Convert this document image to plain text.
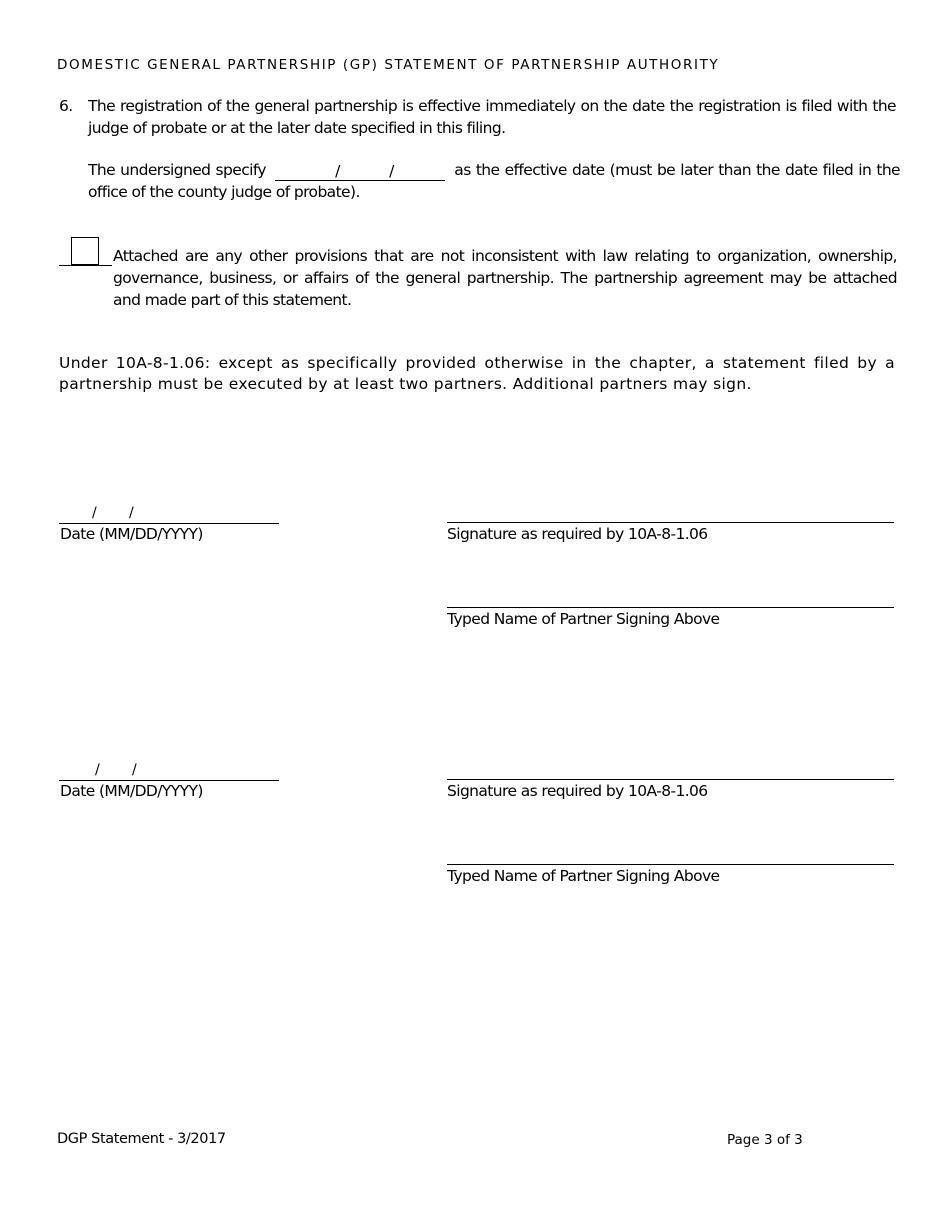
DOMESTIC GENERAL PARTNERSHIP (GP) STATEMENT OF PARTNERSHIP AUTHORITY
6. The registration of the general partnership is effective immediately on the date the registration is filed with the judge of probate or at the later date specified in this filing.
The undersigned specify	/	/	as the effective date (must be later than the date filed in the office of the county judge of probate).
Attached are any other provisions that are not inconsistent with law relating to organization, ownership, governance, business, or affairs of the general partnership. The partnership agreement may be attached and made part of this statement.
Under 10A-8-1.06: except as specifically provided otherwise in the chapter, a statement filed by a partnership must be executed by at least two partners. Additional partners may sign.
/ /
Date (MM/DD/YYYY)	Signature as required by 10A-8-1.06
Typed Name of Partner Signing Above
/ /
Date (MM/DD/YYYY)	Signature as required by 10A-8-1.06
Typed Name of Partner Signing Above
DGP Statement - 3/2017	Page 3 of 3
